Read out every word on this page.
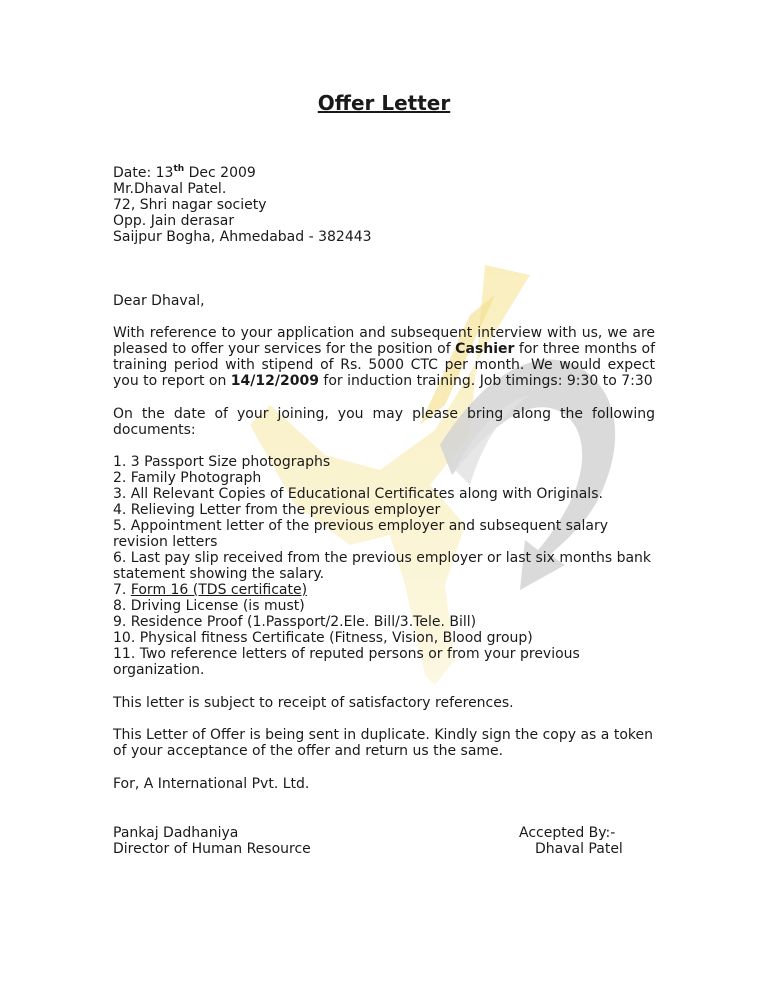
Offer Letter

Date: 13th Dec 2009

Mr.Dhaval Patel.

72, Shri nagar society

Opp. Jain derasar

Saijpur Bogha, Ahmedabad - 382443

Dear Dhaval,

With reference to your application and subsequent interview with us, we are pleased to offer your services for the position of Cashier for three months of training period with stipend of Rs. 5000 CTC per month. We would expect you to report on 14/12/2009 for induction training. Job timings: 9:30 to 7:30

On the date of your joining, you may please bring along the following documents:

1. 3 Passport Size photographs

2. Family Photograph

3. All Relevant Copies of Educational Certificates along with Originals.

4. Relieving Letter from the previous employer

5. Appointment letter of the previous employer and subsequent salary revision letters

6. Last pay slip received from the previous employer or last six months bank statement showing the salary.

7. Form 16 (TDS certificate)

8. Driving License (is must)

9. Residence Proof (1.Passport/2.Ele. Bill/3.Tele. Bill)

10. Physical fitness Certificate (Fitness, Vision, Blood group)

11. Two reference letters of reputed persons or from your previous organization.

This letter is subject to receipt of satisfactory references.

This Letter of Offer is being sent in duplicate. Kindly sign the copy as a token of your acceptance of the offer and return us the same.

For, A International Pvt. Ltd.

Pankaj Dadhaniya

Director of Human Resource

Accepted By:-

Dhaval Patel
